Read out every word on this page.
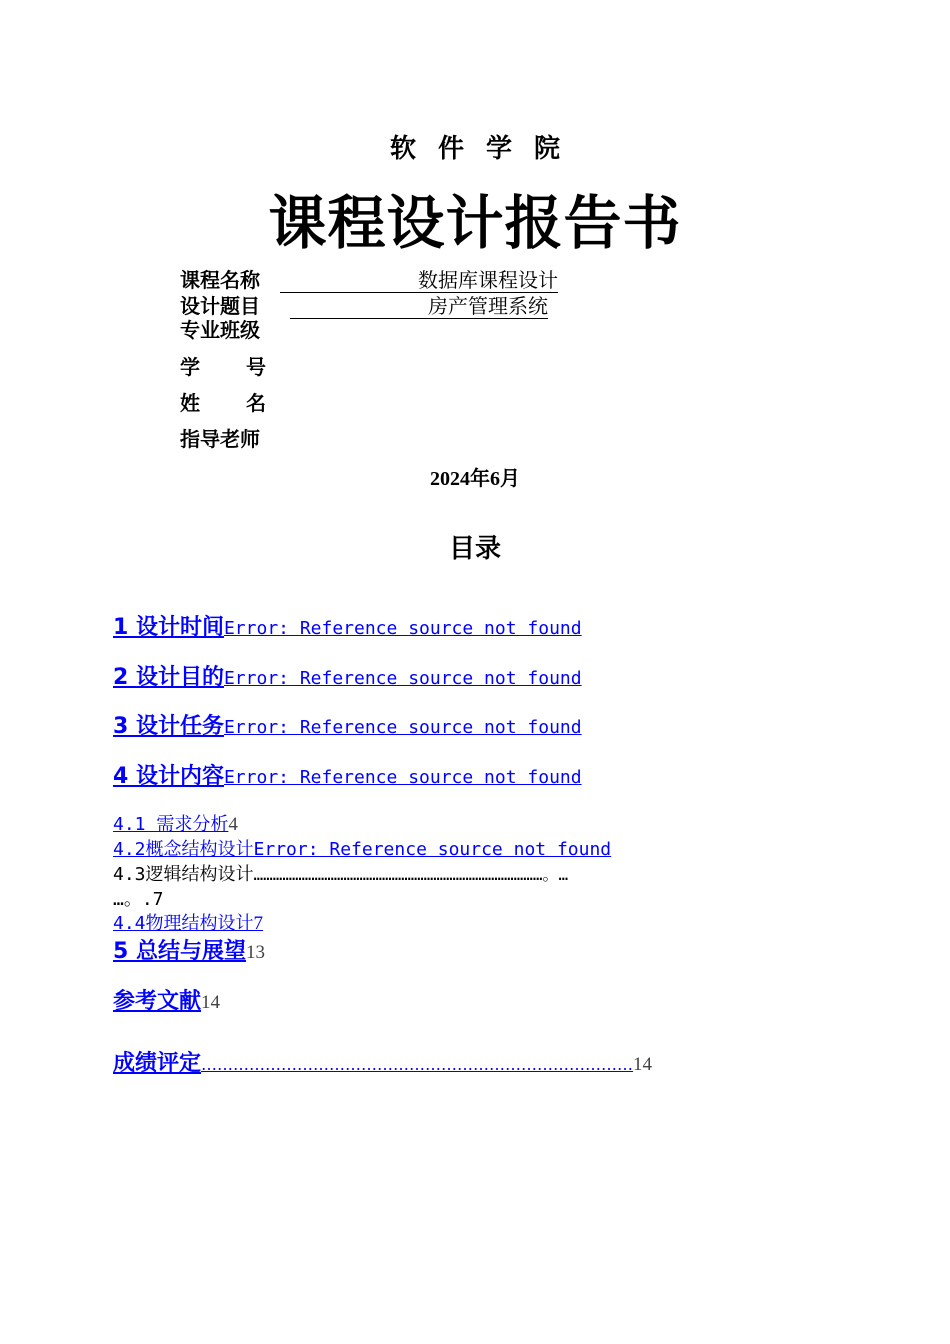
软件学院
课程设计报告书
课程名称	数据库课程设计
设计题目	房产管理系统
专业班级
学 号
姓 名
指导老师
2024年6月
目录
1 设计时间Error: Reference source not found
2 设计目的Error: Reference source not found
3 设计任务Error: Reference source not found
4 设计内容Error: Reference source not found
4.1 需求分析4
4.2概念结构设计Error: Reference source not found
4.3逻辑结构设计………………………………………………………………………………。…
…。.7
4.4物理结构设计7
5 总结与展望13
参考文献14
成绩评定………………………………………………………………………14
